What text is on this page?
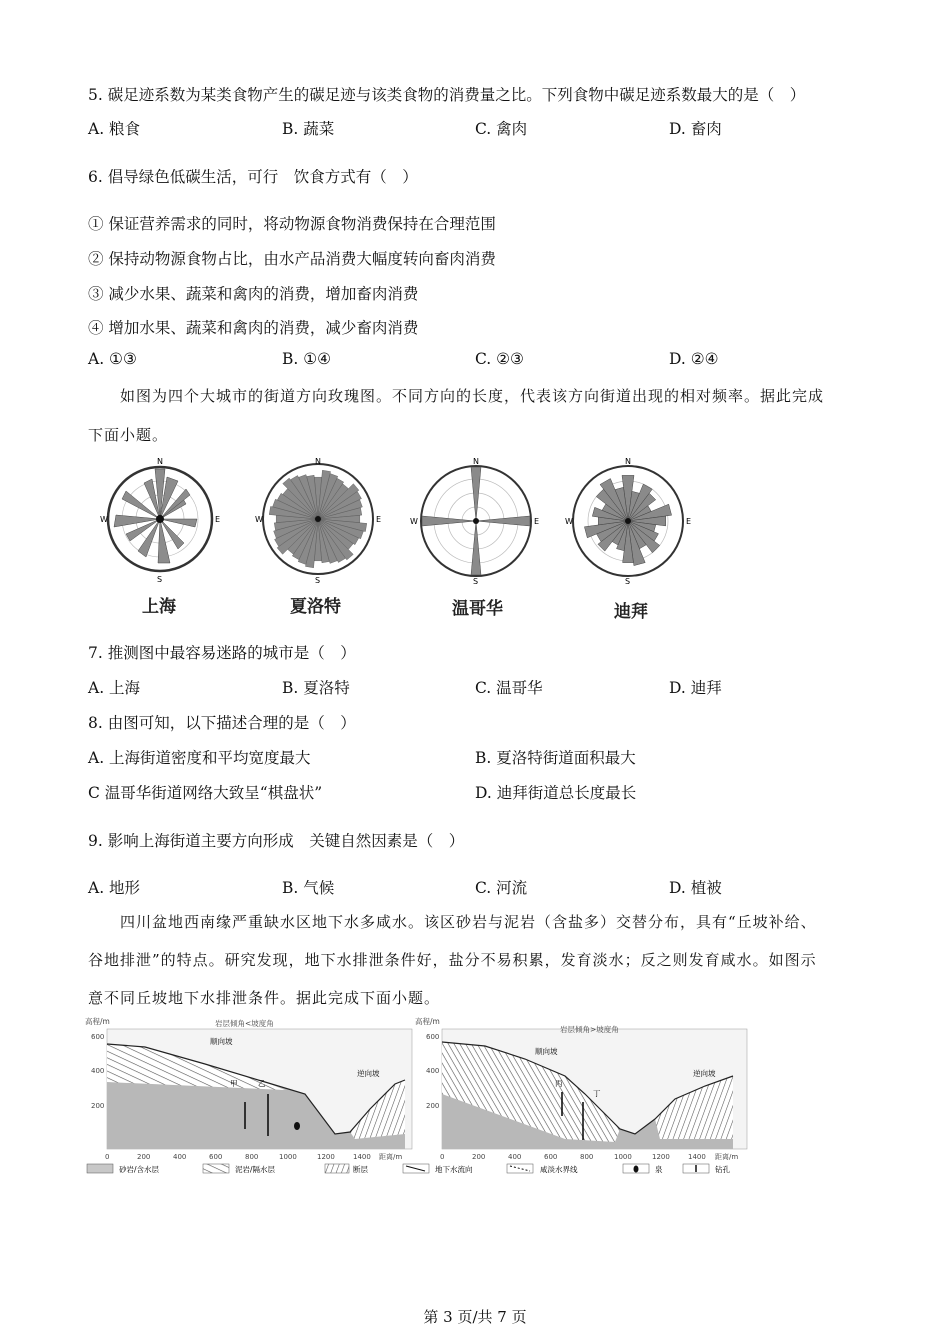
5. 碳足迹系数为某类食物产生的碳足迹与该类食物的消费量之比。下列食物中碳足迹系数最大的是（　）
A. 粮食	B. 蔬菜	C. 禽肉	D. 畜肉
6. 倡导绿色低碳生活，可行　饮食方式有（　）
① 保证营养需求的同时，将动物源食物消费保持在合理范围
② 保持动物源食物占比，由水产品消费大幅度转向畜肉消费
③ 减少水果、蔬菜和禽肉的消费，增加畜肉消费
④ 增加水果、蔬菜和禽肉的消费，减少畜肉消费
A. ①③	B. ①④	C. ②③	D. ②④
如图为四个大城市的街道方向玫瑰图。不同方向的长度，代表该方向街道出现的相对频率。据此完成
下面小题。
N
S
E
W
上海
N
S
E
W
夏洛特
N
S
E
W
温哥华
N
S
E
W
迪拜
7. 推测图中最容易迷路的城市是（　）
A. 上海	B. 夏洛特	C. 温哥华	D. 迪拜
8. 由图可知，以下描述合理的是（　）
A. 上海街道密度和平均宽度最大	B. 夏洛特街道面积最大
C 温哥华街道网络大致呈“棋盘状”	D. 迪拜街道总长度最长
9. 影响上海街道主要方向形成　关键自然因素是（　）
A. 地形	B. 气候	C. 河流	D. 植被
四川盆地西南缘严重缺水区地下水多咸水。该区砂岩与泥岩（含盐多）交替分布，具有“丘坡补给、
谷地排泄”的特点。研究发现，地下水排泄条件好，盐分不易积累，发育淡水；反之则发育咸水。如图示
意不同丘坡地下水排泄条件。据此完成下面小题。
高程/m	岩层倾角<坡度角
600
400
200
甲	乙
顺向坡
逆向坡
0	200	400	600	800	1000	1200	1400 距离/m
高程/m
岩层倾角>坡度角
600
400
200
丙
丁
顺向坡
逆向坡
0	200	400	600	800	1000	1200	1400 距离/m
砂岩/含水层	泥岩/隔水层	断层	地下水流向	咸淡水界线	泉	钻孔
第 3 页/共 7 页
